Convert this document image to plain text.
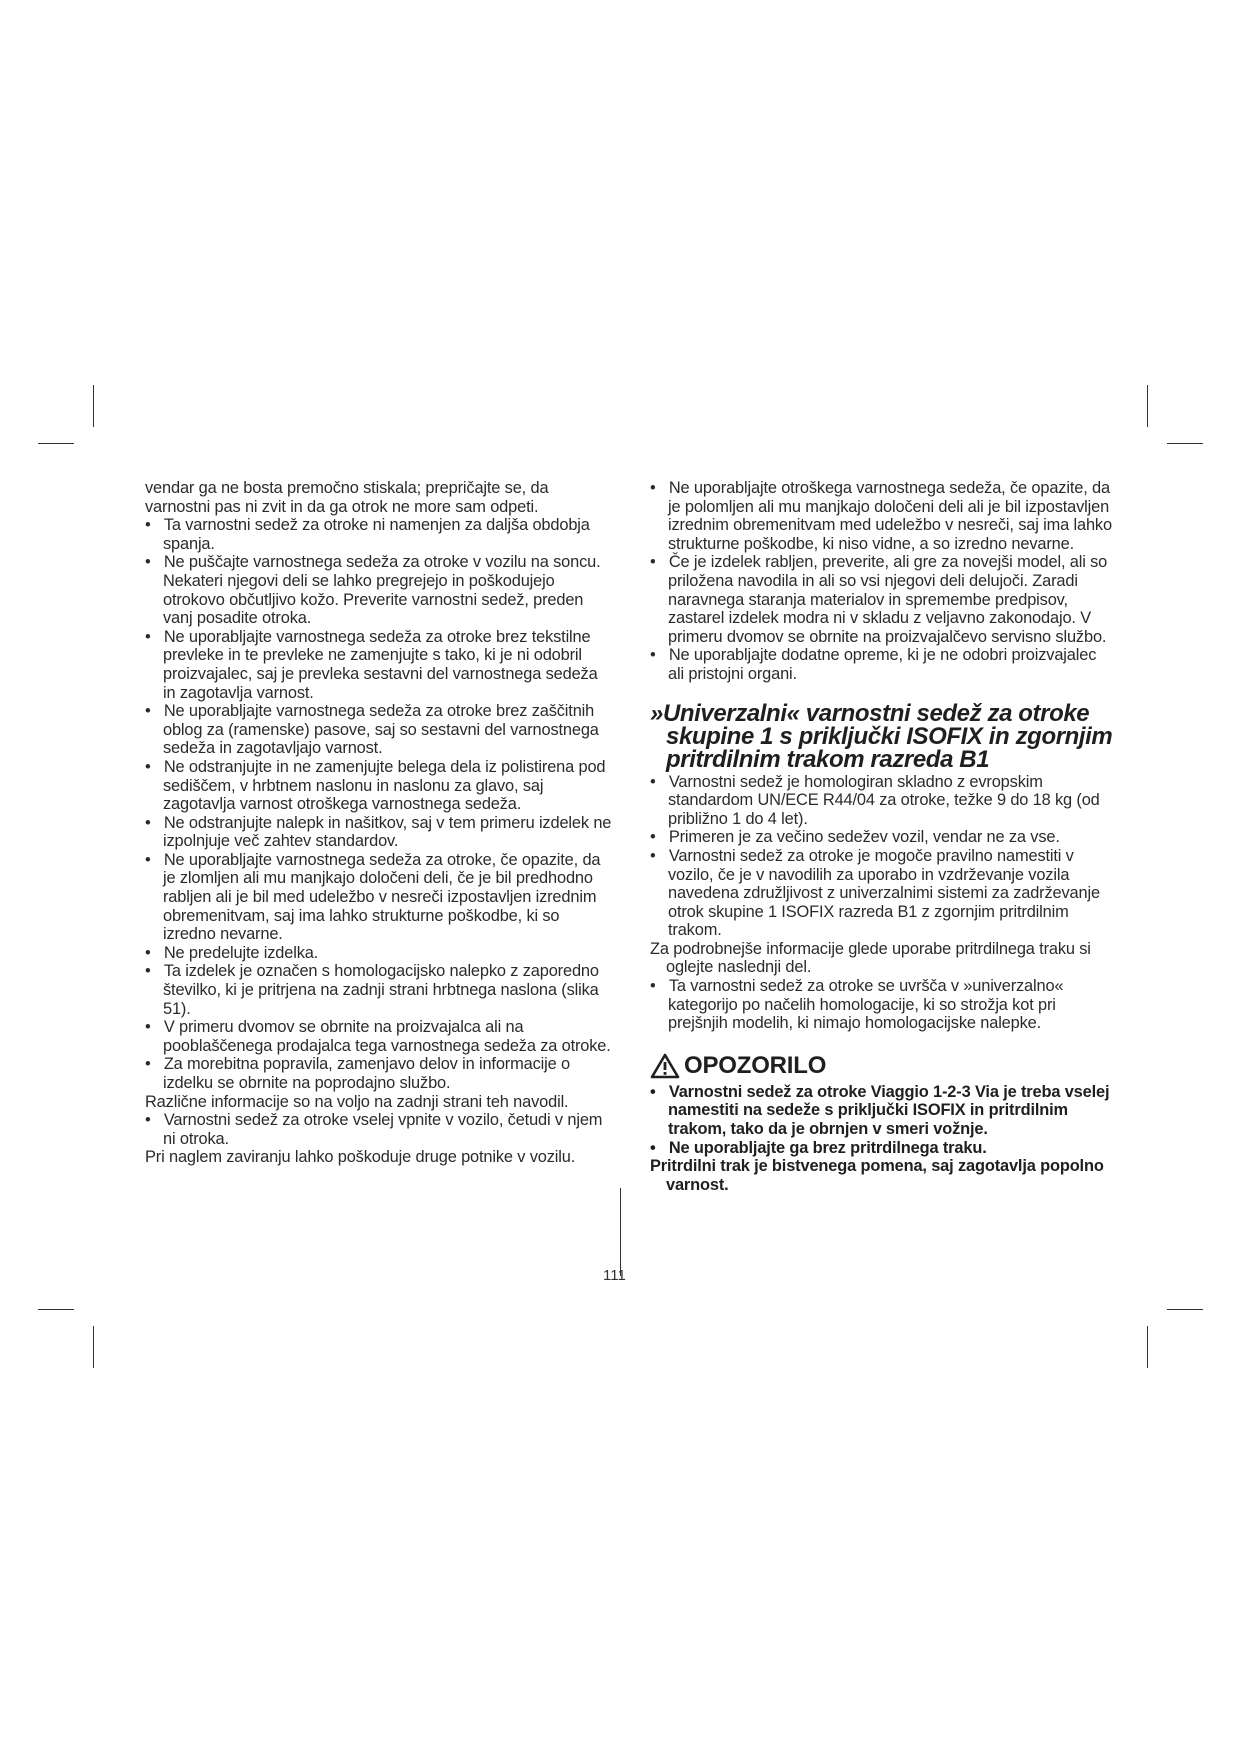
vendar ga ne bosta premočno stiskala; prepričajte se, da varnostni pas ni zvit in da ga otrok ne more sam odpeti.

•   Ta varnostni sedež za otroke ni namenjen za daljša obdobja spanja.

•   Ne puščajte varnostnega sedeža za otroke v vozilu na soncu. Nekateri njegovi deli se lahko pregrejejo in poškodujejo otrokovo občutljivo kožo. Preverite varnostni sedež, preden vanj posadite otroka.

•   Ne uporabljajte varnostnega sedeža za otroke brez tekstilne prevleke in te prevleke ne zamenjujte s tako, ki je ni odobril proizvajalec, saj je prevleka sestavni del varnostnega sedeža in zagotavlja varnost.

•   Ne uporabljajte varnostnega sedeža za otroke brez zaščitnih oblog za (ramenske) pasove, saj so sestavni del varnostnega sedeža in zagotavljajo varnost.

•   Ne odstranjujte in ne zamenjujte belega dela iz polistirena pod sediščem, v hrbtnem naslonu in naslonu za glavo, saj zagotavlja varnost otroškega varnostnega sedeža.

•   Ne odstranjujte nalepk in našitkov, saj v tem primeru izdelek ne izpolnjuje več zahtev standardov.

•   Ne uporabljajte varnostnega sedeža za otroke, če opazite, da je zlomljen ali mu manjkajo določeni deli, če je bil predhodno rabljen ali je bil med udeležbo v nesreči izpostavljen izrednim obremenitvam, saj ima lahko strukturne poškodbe, ki so izredno nevarne.

•   Ne predelujte izdelka.

•   Ta izdelek je označen s homologacijsko nalepko z zaporedno številko, ki je pritrjena na zadnji strani hrbtnega naslona (slika 51).

•   V primeru dvomov se obrnite na proizvajalca ali na pooblaščenega prodajalca tega varnostnega sedeža za otroke.

•   Za morebitna popravila, zamenjavo delov in informacije o izdelku se obrnite na poprodajno službo.

Različne informacije so na voljo na zadnji strani teh navodil.

•   Varnostni sedež za otroke vselej vpnite v vozilo, četudi v njem ni otroka.

Pri naglem zaviranju lahko poškoduje druge potnike v vozilu.

111

•   Ne uporabljajte otroškega varnostnega sedeža, če opazite, da je polomljen ali mu manjkajo določeni deli ali je bil izpostavljen izrednim obremenitvam med udeležbo v nesreči, saj ima lahko strukturne poškodbe, ki niso vidne, a so izredno nevarne.

•   Če je izdelek rabljen, preverite, ali gre za novejši model, ali so priložena navodila in ali so vsi njegovi deli delujoči. Zaradi naravnega staranja materialov in spremembe predpisov, zastarel izdelek modra ni v skladu z veljavno zakonodajo. V primeru dvomov se obrnite na proizvajalčevo servisno službo.

•   Ne uporabljajte dodatne opreme, ki je ne odobri proizvajalec ali pristojni organi.

»Univerzalni« varnostni sedež za otroke
skupine 1 s priključki ISOFIX in zgornjim
pritrdilnim trakom razreda B1

•   Varnostni sedež je homologiran skladno z evropskim standardom UN/ECE R44/04 za otroke, težke 9 do 18 kg (od približno 1 do 4 let).

•   Primeren je za večino sedežev vozil, vendar ne za vse.

•   Varnostni sedež za otroke je mogoče pravilno namestiti v vozilo, če je v navodilih za uporabo in vzdrževanje vozila navedena združljivost z univerzalnimi sistemi za zadrževanje otrok skupine 1 ISOFIX razreda B1 z zgornjim pritrdilnim trakom.

Za podrobnejše informacije glede uporabe pritrdilnega traku si oglejte naslednji del.

•   Ta varnostni sedež za otroke se uvršča v »univerzalno« kategorijo po načelih homologacije, ki so strožja kot pri prejšnjih modelih, ki nimajo homologacijske nalepke.

OPOZORILO

•   Varnostni sedež za otroke Viaggio 1-2-3 Via je treba vselej namestiti na sedeže s priključki ISOFIX in pritrdilnim trakom, tako da je obrnjen v smeri vožnje.

•   Ne uporabljajte ga brez pritrdilnega traku.

Pritrdilni trak je bistvenega pomena, saj zagotavlja popolno varnost.
